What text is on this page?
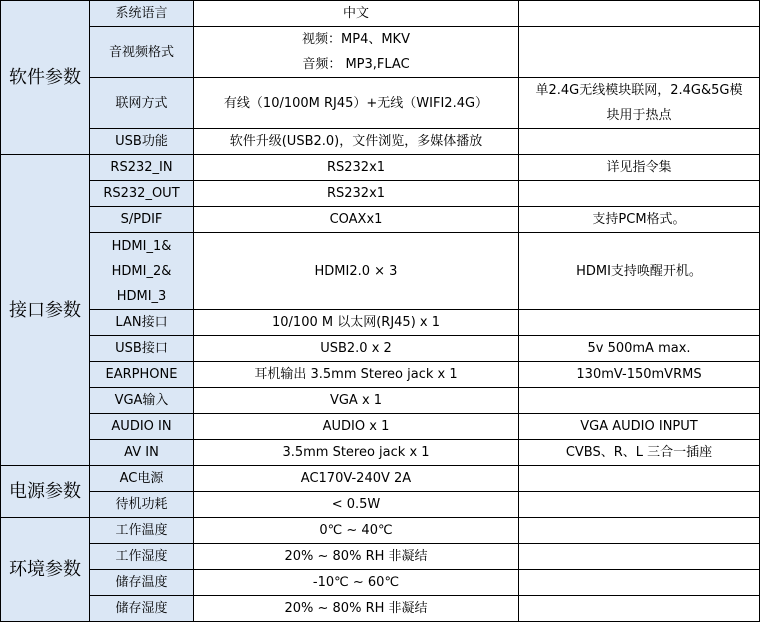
软件参数	系统语言	中文	

	音视频格式	视频：MP4、MKV
音频： MP3,FLAC	

	联网方式	有线（10/100M RJ45）+无线（WIFI2.4G）	单2.4G无线模块联网，2.4G&5G模
块用于热点

	USB功能	软件升级(USB2.0)，文件浏览，多媒体播放	

接口参数	RS232_IN	RS232x1	详见指令集

	RS232_OUT	RS232x1	

	S/PDIF	COAXx1	支持PCM格式。

	HDMI_1&
HDMI_2&
HDMI_3	HDMI2.0 × 3	HDMI支持唤醒开机。

	LAN接口	10/100 M 以太网(RJ45) x 1	

	USB接口	USB2.0 x 2	5v 500mA max.

	EARPHONE	耳机输出 3.5mm Stereo jack x 1	130mV-150mVRMS

	VGA输入	VGA x 1	

	AUDIO IN	AUDIO x 1	VGA AUDIO INPUT

	AV IN	3.5mm Stereo jack x 1	CVBS、R、L 三合一插座

电源参数	AC电源	AC170V-240V 2A	

	待机功耗	< 0.5W	

环境参数	工作温度	0℃ ~ 40℃	

	工作湿度	20% ~ 80% RH 非凝结	

	储存温度	-10℃ ~ 60℃	

	储存湿度	20% ~ 80% RH 非凝结	
